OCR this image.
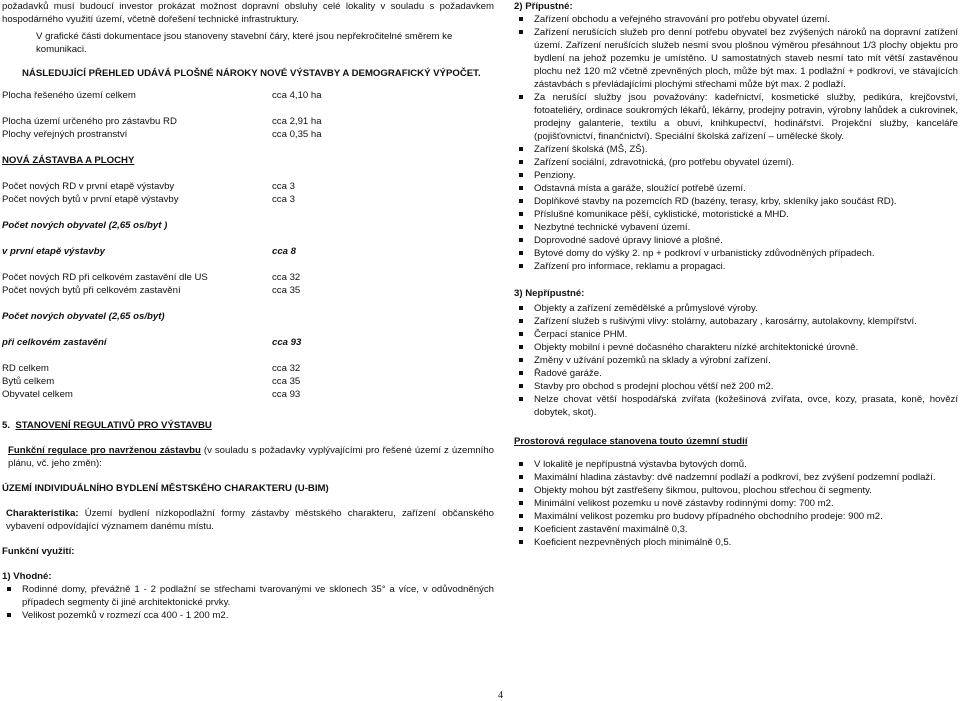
požadavků musí budoucí investor prokázat možnost dopravní obsluhy celé lokality v souladu s požadavkem hospodárného využití území, včetně dořešení technické infrastruktury.

V grafické části dokumentace jsou stanoveny stavební čáry, které jsou nepřekročitelné směrem ke komunikaci.

NÁSLEDUJÍCÍ PŘEHLED UDÁVÁ PLOŠNÉ NÁROKY NOVÉ VÝSTAVBY A DEMOGRAFICKÝ VÝPOČET.

Plocha řešeného území celkem	cca 4,10 ha
Plocha území určeného pro zástavbu RD	cca 2,91 ha
Plochy veřejných prostranství	cca 0,35 ha

NOVÁ ZÁSTAVBA A PLOCHY

Počet nových RD v první etapě výstavby	cca 3
Počet nových bytů v první etapě výstavby	cca 3

Počet nových obyvatel (2,65 os/byt )

v první etapě výstavby	cca 8
Počet nových RD při celkovém zastavění dle US	cca 32
Počet nových bytů při celkovém zastavění	cca 35

Počet nových obyvatel (2,65 os/byt)

při celkovém zastavění	cca 93
RD celkem	cca 32
Bytů celkem	cca 35
Obyvatel celkem	cca 93

5. STANOVENÍ REGULATIVŮ PRO VÝSTAVBU

Funkční regulace pro navrženou zástavbu (v souladu s požadavky vyplývajícími pro řešené území z územního plánu, vč. jeho změn):

ÚZEMÍ INDIVIDUÁLNÍHO BYDLENÍ MĚSTSKÉHO CHARAKTERU (U-BIM)

Charakteristika: Území bydlení nízkopodlažní formy zástavby městského charakteru, zařízení občanského vybavení odpovídající významem danému místu.

Funkční využití:

1) Vhodné:

Rodinné domy, převážně 1 - 2 podlažní se střechami tvarovanými ve sklonech 35° a více, v odůvodněných případech segmenty či jiné architektonické prvky.
Velikost pozemků v rozmezí cca 400 - 1 200 m2.

2) Přípustné:

Zařízení obchodu a veřejného stravování pro potřebu obyvatel území.
Zařízení nerušících služeb pro denní potřebu obyvatel bez zvýšených nároků na dopravní zatížení území. Zařízení nerušících služeb nesmí svou plošnou výměrou přesáhnout 1/3 plochy objektu pro bydlení na jehož pozemku je umístěno. U samostatných staveb nesmí tato mít větší zastavěnou plochu než 120 m2 včetně zpevněných ploch, může být max. 1 podlažní + podkroví, ve stávajících zástavbách s převládajícími plochými střechami může být max. 2 podlaží.
Za nerušící služby jsou považovány: kadeřnictví, kosmetické služby, pedikúra, krejčovství, fotoateliéry, ordinace soukromých lékařů, lékárny, prodejny potravin, výrobny lahůdek a cukrovinek, prodejny galanterie, textilu a obuvi, knihkupectví, hodinářství. Projekční služby, kanceláře (pojišťovnictví, finančnictví). Speciální školská zařízení – umělecké školy.
Zařízení školská (MŠ, ZŠ).
Zařízení sociální, zdravotnická, (pro potřebu obyvatel území).
Penziony.
Odstavná místa a garáže, sloužící potřebě území.
Doplňkové stavby na pozemcích RD (bazény, terasy, krby, skleníky jako součást RD).
Příslušné komunikace pěší, cyklistické, motoristické a MHD.
Nezbytné technické vybavení území.
Doprovodné sadové úpravy liniové a plošné.
Bytové domy do výšky 2. np + podkroví v urbanisticky zdůvodněných případech.
Zařízení pro informace, reklamu a propagaci.

3) Nepřípustné:

Objekty a zařízení zemědělské a průmyslové výroby.
Zařízení služeb s rušivými vlivy: stolárny, autobazary , karosárny, autolakovny, klempířství.
Čerpací stanice PHM.
Objekty mobilní i pevné dočasného charakteru nízké architektonické úrovně.
Změny v užívání pozemků na sklady a výrobní zařízení.
Řadové garáže.
Stavby pro obchod s prodejní plochou větší než 200 m2.
Nelze chovat větší hospodářská zvířata (kožešinová zvířata, ovce, kozy, prasata, koně, hovězí dobytek, skot).

Prostorová regulace stanovena touto územní studií

V lokalitě je nepřípustná výstavba bytových domů.
Maximální hladina zástavby: dvě nadzemní podlaží a podkroví, bez zvýšení podzemní podlaží.
Objekty mohou být zastřešeny šikmou, pultovou, plochou střechou či segmenty.
Minimální velikost pozemku u nově zástavby rodinnými domy: 700 m2.
Maximální velikost pozemku pro budovy případného obchodního prodeje: 900 m2.
Koeficient zastavění maximálně 0,3.
Koeficient nezpevněných ploch minimálně 0,5.
4
